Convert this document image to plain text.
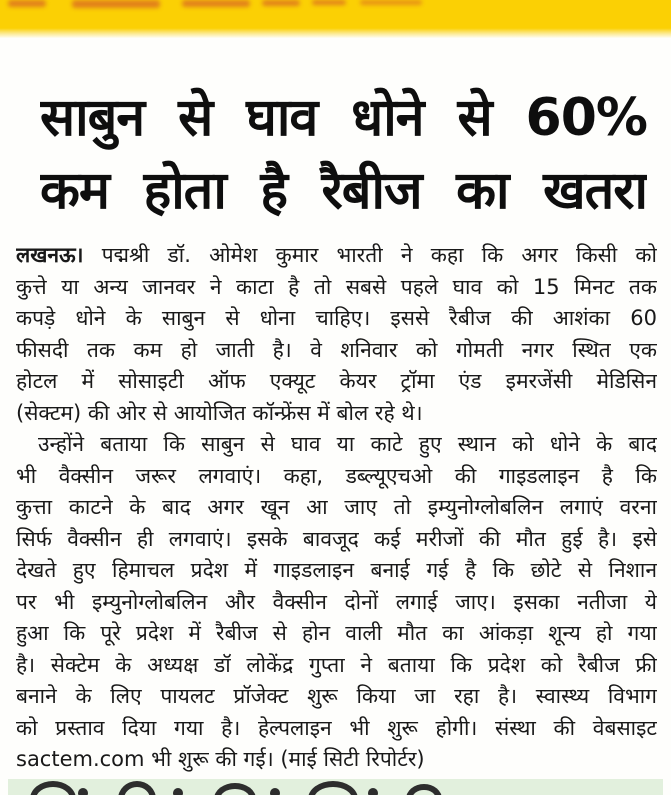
साबुन से घाव धोने से 60%
कम होता है रैबीज का खतरा
लखनऊ। पद्मश्री डॉ. ओमेश कुमार भारती ने कहा कि अगर किसी को
कुत्ते या अन्य जानवर ने काटा है तो सबसे पहले घाव को 15 मिनट तक
कपड़े धोने के साबुन से धोना चाहिए। इससे रैबीज की आशंका 60
फीसदी तक कम हो जाती है। वे शनिवार को गोमती नगर स्थित एक
होटल में सोसाइटी ऑफ एक्यूट केयर ट्रॉमा एंड इमरजेंसी मेडिसिन
(सेक्टम) की ओर से आयोजित कॉन्फ्रेंस में बोल रहे थे।
उन्होंने बताया कि साबुन से घाव या काटे हुए स्थान को धोने के बाद
भी वैक्सीन जरूर लगवाएं। कहा, डब्ल्यूएचओ की गाइडलाइन है कि
कुत्ता काटने के बाद अगर खून आ जाए तो इम्युनोग्लोबलिन लगाएं वरना
सिर्फ वैक्सीन ही लगवाएं। इसके बावजूद कई मरीजों की मौत हुई है। इसे
देखते हुए हिमाचल प्रदेश में गाइडलाइन बनाई गई है कि छोटे से निशान
पर भी इम्युनोग्लोबलिन और वैक्सीन दोनों लगाई जाए। इसका नतीजा ये
हुआ कि पूरे प्रदेश में रैबीज से होन वाली मौत का आंकड़ा शून्य हो गया
है। सेक्टेम के अध्यक्ष डॉ लोकेंद्र गुप्ता ने बताया कि प्रदेश को रैबीज फ्री
बनाने के लिए पायलट प्रॉजेक्ट शुरू किया जा रहा है। स्वास्थ्य विभाग
को प्रस्ताव दिया गया है। हेल्पलाइन भी शुरू होगी। संस्था की वेबसाइट
sactem.com भी शुरू की गई। (माई सिटी रिपोर्टर)
